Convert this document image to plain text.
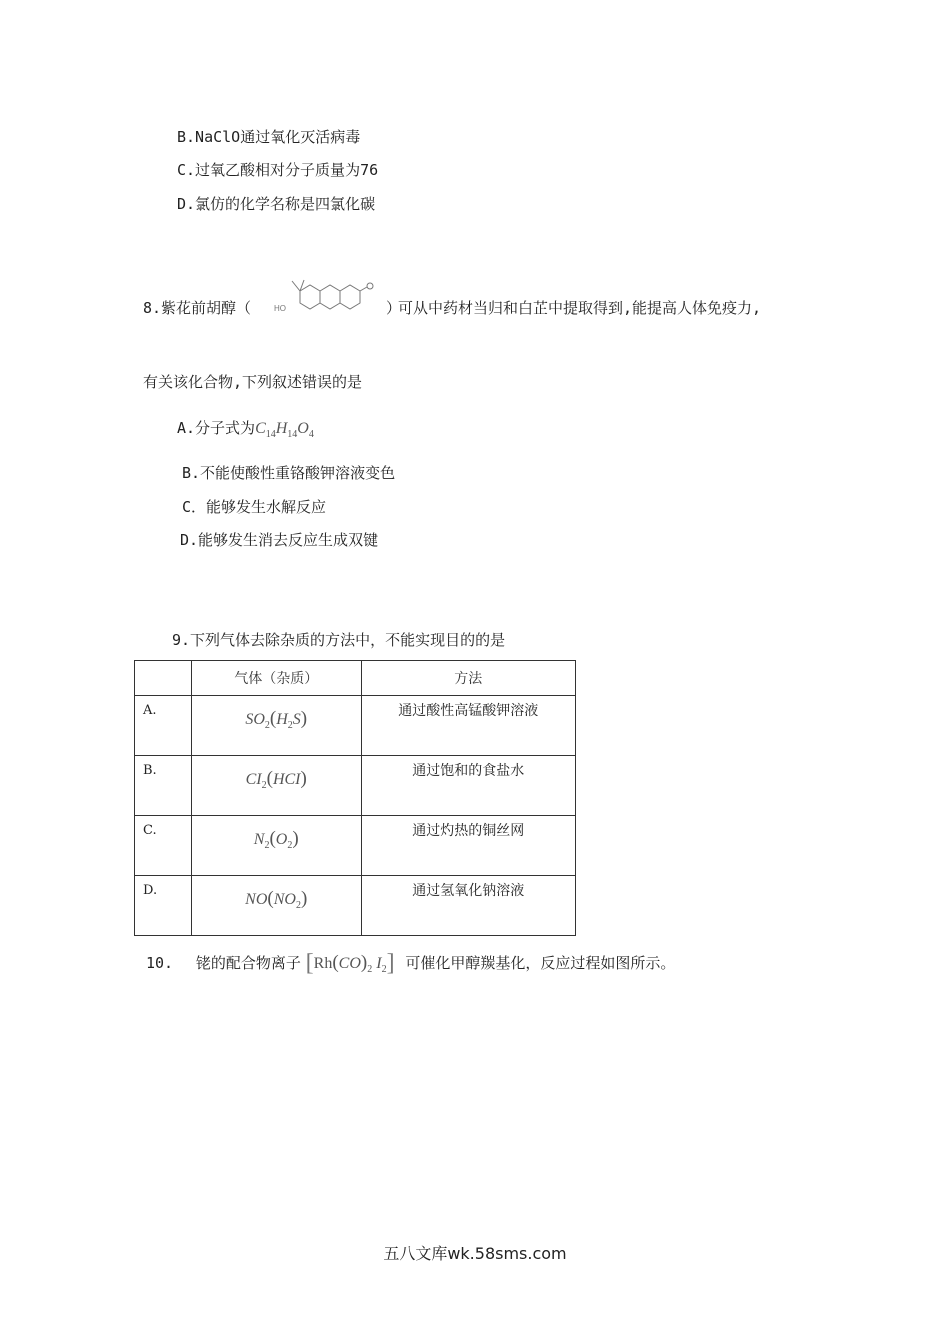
B.NaClO通过氧化灭活病毒
C.过氧乙酸相对分子质量为76
D.氯仿的化学名称是四氯化碳
8.紫花前胡醇（	HO	）
可从中药材当归和白芷中提取得到,能提高人体免疫力,
有关该化合物,下列叙述错误的是
A.分子式为$C_{14}H_{14}O_4$
B.不能使酸性重铬酸钾溶液变色
C．能够发生水解反应
D.能够发生消去反应生成双键
9.下列气体去除杂质的方法中，不能实现目的的是
	气体（杂质）	方法

A.	$SO_2(H_2S)$	通过酸性高锰酸钾溶液

B.	$CI_2(HCI)$	通过饱和的食盐水

C.	$N_2(O_2)$	通过灼热的铜丝网

D.	$NO(NO_2)$	通过氢氧化钠溶液
10. 铑的配合物离子 [$Rh(CO)_2$ $I_2$] 可催化甲醇羰基化，反应过程如图所示。
五八文库wk.58sms.com
